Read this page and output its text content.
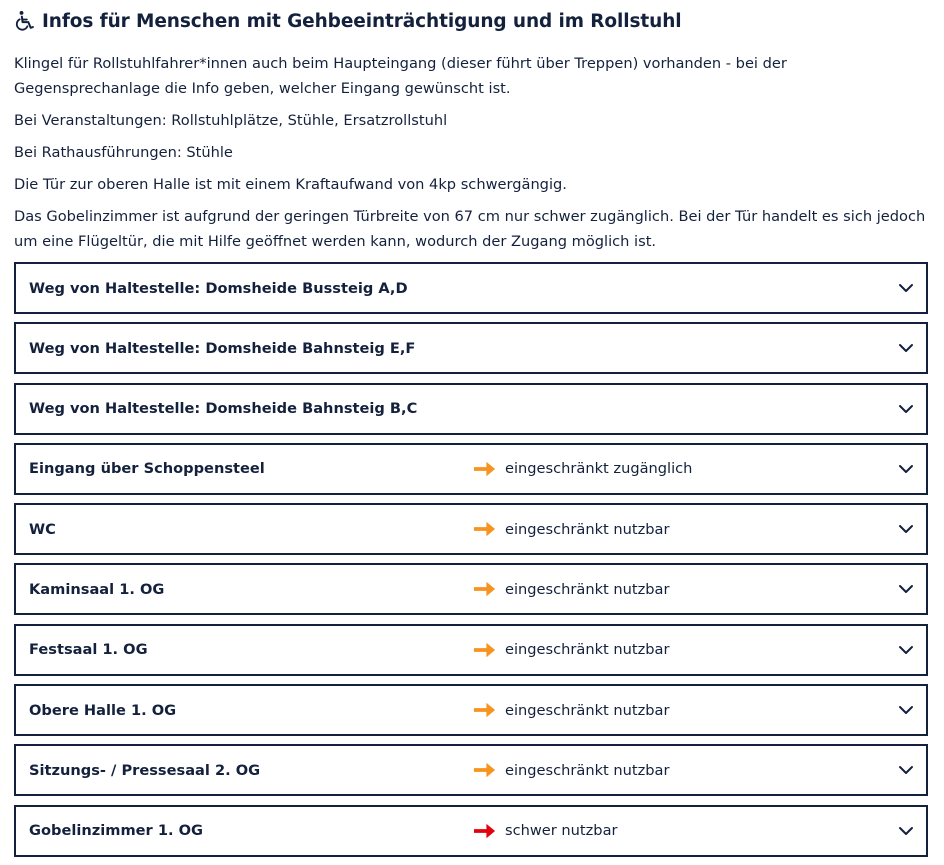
Infos für Menschen mit Gehbeeinträchtigung und im Rollstuhl

Klingel für Rollstuhlfahrer*innen auch beim Haupteingang (dieser führt über Treppen) vorhanden - bei der Gegensprechanlage die Info geben, welcher Eingang gewünscht ist.

Bei Veranstaltungen: Rollstuhlplätze, Stühle, Ersatzrollstuhl

Bei Rathausführungen: Stühle

Die Tür zur oberen Halle ist mit einem Kraftaufwand von 4kp schwergängig.

Das Gobelinzimmer ist aufgrund der geringen Türbreite von 67 cm nur schwer zugänglich. Bei der Tür handelt es sich jedoch um eine Flügeltür, die mit Hilfe geöffnet werden kann, wodurch der Zugang möglich ist.

Weg von Haltestelle: Domsheide Bussteig A,D
Weg von Haltestelle: Domsheide Bahnsteig E,F
Weg von Haltestelle: Domsheide Bahnsteig B,C
Eingang über Schoppensteel	eingeschränkt zugänglich
WC	eingeschränkt nutzbar
Kaminsaal 1. OG	eingeschränkt nutzbar
Festsaal 1. OG	eingeschränkt nutzbar
Obere Halle 1. OG	eingeschränkt nutzbar
Sitzungs- / Pressesaal 2. OG	eingeschränkt nutzbar
Gobelinzimmer 1. OG	schwer nutzbar
